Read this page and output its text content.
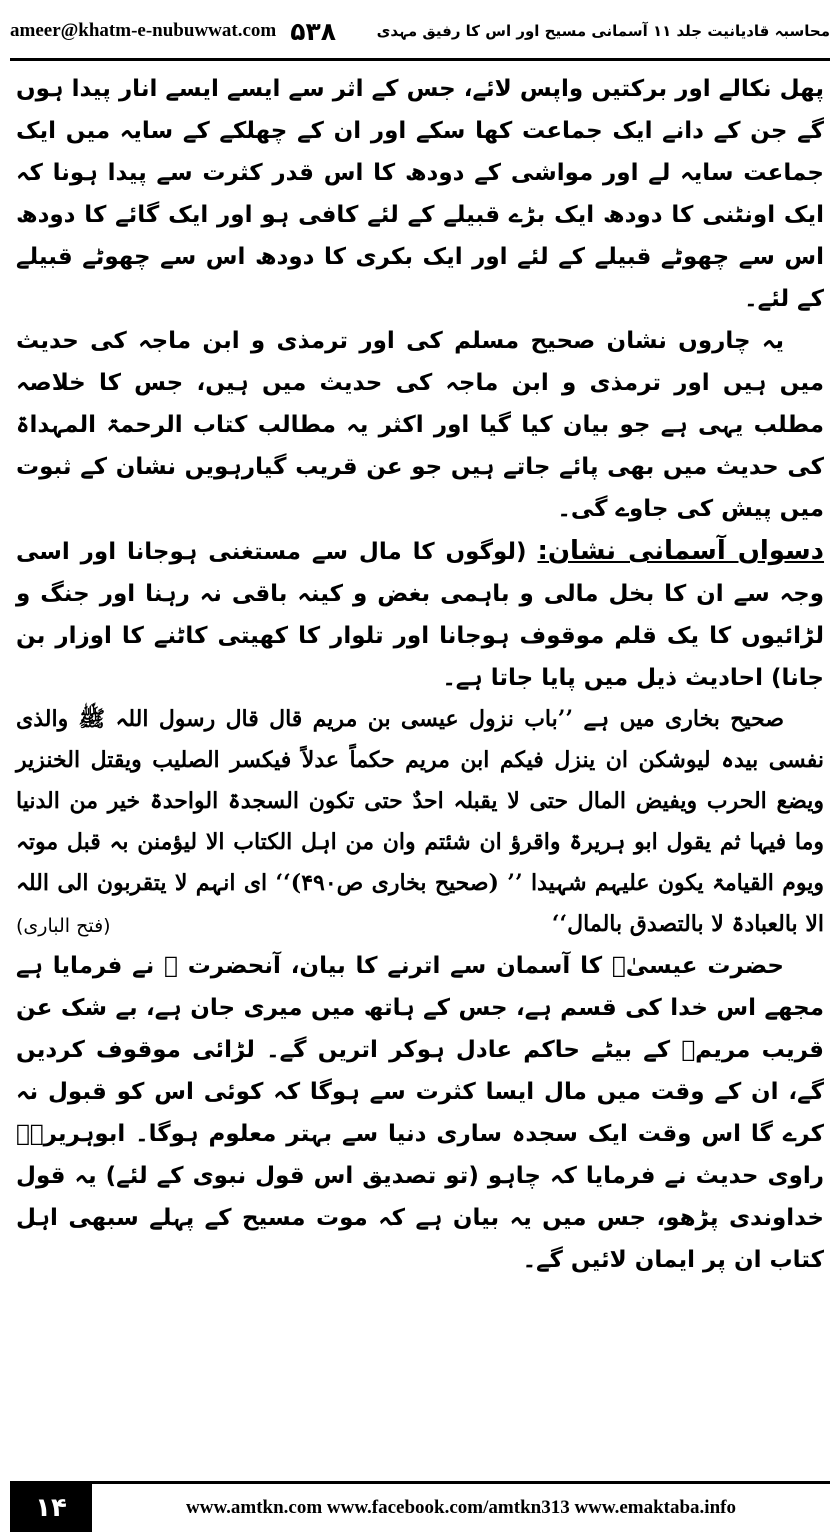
ameer@khatm-e-nubuwwat.com ۵۳۸	محاسبہ قادیانیت جلد ۱۱ آسمانی مسیح اور اس کا رفیق مہدی

پھل نکالے اور برکتیں واپس لائے، جس کے اثر سے ایسے ایسے انار پیدا ہوں گے جن کے دانے ایک جماعت کھا سکے اور ان کے چھلکے کے سایہ میں ایک جماعت سایہ لے اور مواشی کے دودھ کا اس قدر کثرت سے پیدا ہونا کہ ایک اونٹنی کا دودھ ایک بڑے قبیلے کے لئے کافی ہو اور ایک گائے کا دودھ اس سے چھوٹے قبیلے کے لئے اور ایک بکری کا دودھ اس سے چھوٹے قبیلے کے لئے۔

یہ چاروں نشان صحیح مسلم کی اور ترمذی و ابن ماجہ کی حدیث میں ہیں اور ترمذی و ابن ماجہ کی حدیث میں ہیں، جس کا خلاصہ مطلب یہی ہے جو بیان کیا گیا اور اکثر یہ مطالب کتاب الرحمۃ المہداۃ کی حدیث میں بھی پائے جاتے ہیں جو عن قریب گیارہویں نشان کے ثبوت میں پیش کی جاوے گی۔

دسواں آسمانی نشان: (لوگوں کا مال سے مستغنی ہوجانا اور اسی وجہ سے ان کا بخل مالی و باہمی بغض و کینہ باقی نہ رہنا اور جنگ و لڑائیوں کا یک قلم موقوف ہوجانا اور تلوار کا کھیتی کاٹنے کا اوزار بن جانا) احادیث ذیل میں پایا جاتا ہے۔

صحیح بخاری میں ہے ’’باب نزول عیسی بن مریم قال قال رسول اللہ ﷺ والذی نفسی بیدہ لیوشکن ان ینزل فیکم ابن مریم حکماً عدلاً فیکسر الصلیب ویقتل الخنزیر ویضع الحرب ویفیض المال حتی لا یقبلہ احدٌ حتی تکون السجدۃ الواحدۃ خیر من الدنیا وما فیہا ثم یقول ابو ہریرۃ واقرؤ ان شئتم وان من اہل الکتاب الا لیؤمنن بہ قبل موتہ ویوم القیامۃ یکون علیہم شہیدا ’’ (صحیح بخاری ص۴۹۰)‘‘ ای انہم لا یتقربون الی اللہ الا بالعبادۃ لا بالتصدق بالمال‘‘

(فتح الباری)

حضرت عیسیٰؑ کا آسمان سے اترنے کا بیان، آنحضرت ﷺ نے فرمایا ہے مجھے اس خدا کی قسم ہے، جس کے ہاتھ میں میری جان ہے، بے شک عن قریب مریمؑ کے بیٹے حاکم عادل ہوکر اتریں گے۔ لڑائی موقوف کردیں گے، ان کے وقت میں مال ایسا کثرت سے ہوگا کہ کوئی اس کو قبول نہ کرے گا اس وقت ایک سجدہ ساری دنیا سے بہتر معلوم ہوگا۔ ابوہریرہؓ راوی حدیث نے فرمایا کہ چاہو (تو تصدیق اس قول نبوی کے لئے) یہ قول خداوندی پڑھو، جس میں یہ بیان ہے کہ موت مسیح کے پہلے سبھی اہل کتاب ان پر ایمان لائیں گے۔

۱۴	www.amtkn.com www.facebook.com/amtkn313 www.emaktaba.info
